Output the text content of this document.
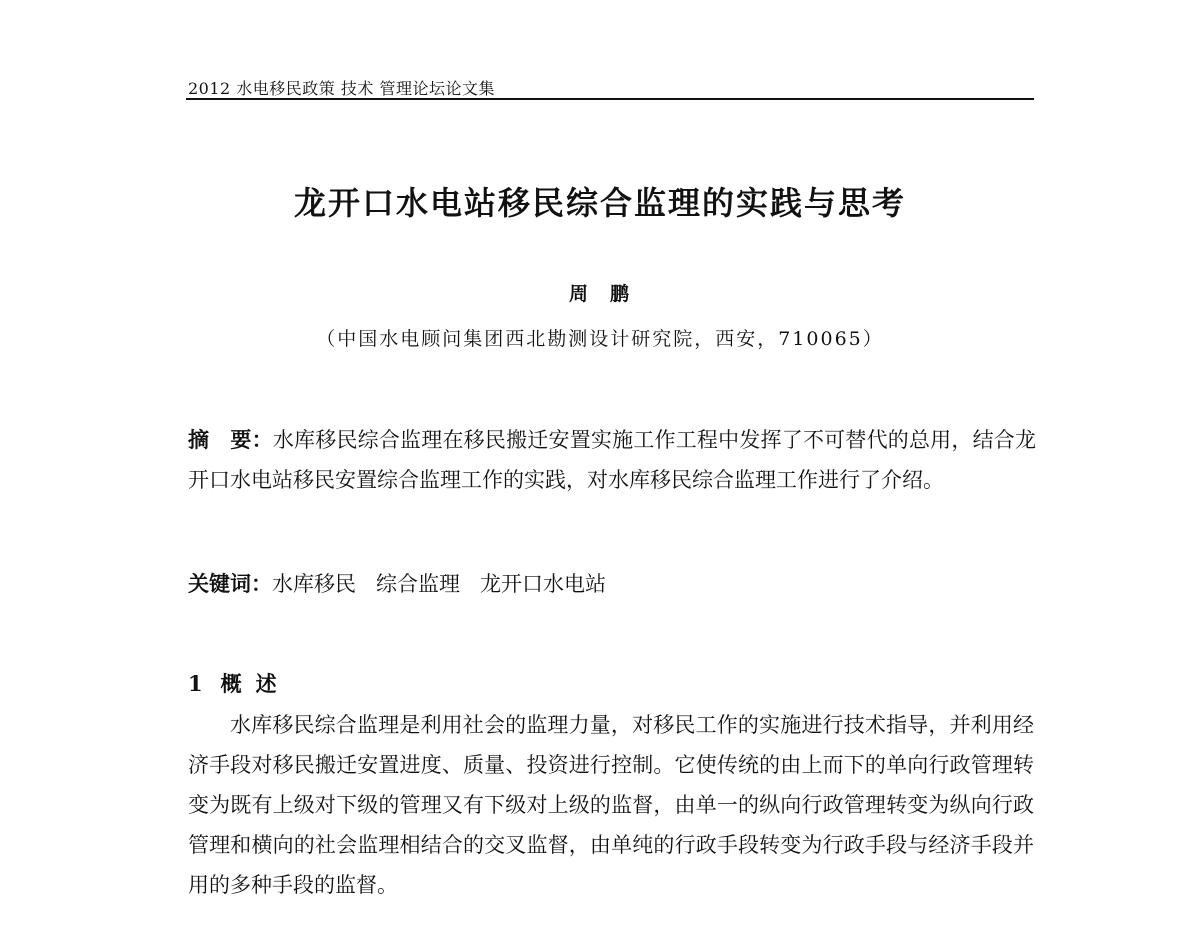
2012 水电移民政策 技术 管理论坛论文集
龙开口水电站移民综合监理的实践与思考
周鹏
（中国水电顾问集团西北勘测设计研究院，西安，710065）
摘　要：水库移民综合监理在移民搬迁安置实施工作工程中发挥了不可替代的总用，结合龙开口水电站移民安置综合监理工作的实践，对水库移民综合监理工作进行了介绍。
关键词：水库移民 综合监理 龙开口水电站
1 概述

水库移民综合监理是利用社会的监理力量，对移民工作的实施进行技术指导，并利用经济手段对移民搬迁安置进度、质量、投资进行控制。它使传统的由上而下的单向行政管理转变为既有上级对下级的管理又有下级对上级的监督，由单一的纵向行政管理转变为纵向行政管理和横向的社会监理相结合的交叉监督，由单纯的行政手段转变为行政手段与经济手段并用的多种手段的监督。
